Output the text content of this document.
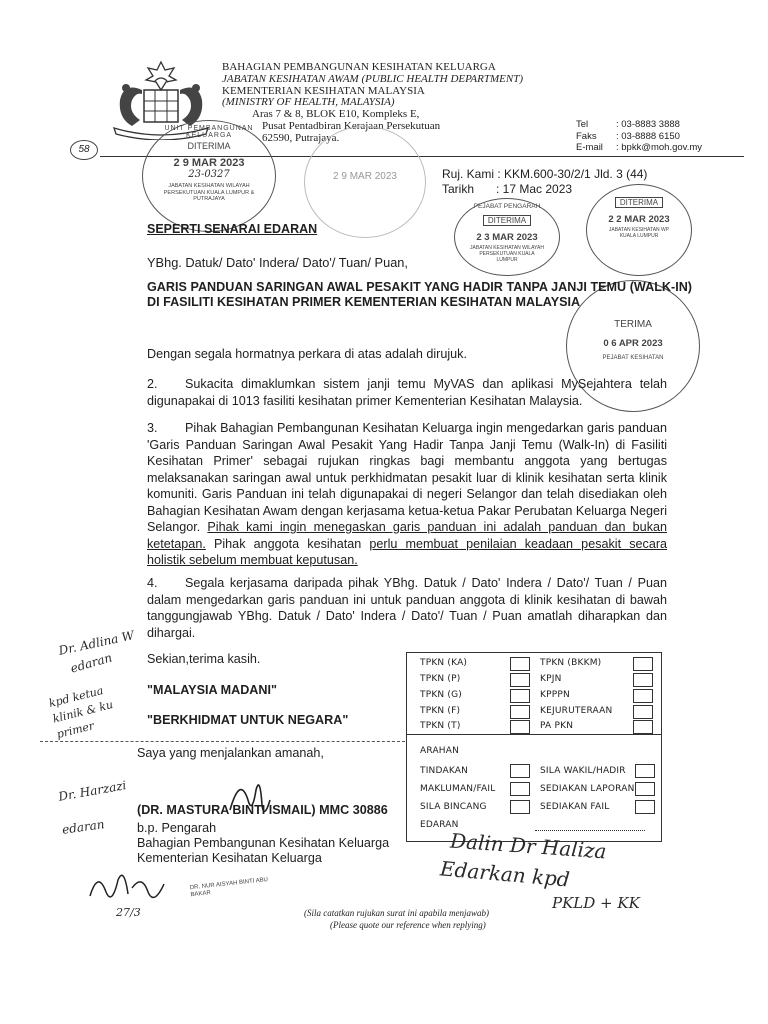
BAHAGIAN PEMBANGUNAN KESIHATAN KELUARGA
JABATAN KESIHATAN AWAM (PUBLIC HEALTH DEPARTMENT)
KEMENTERIAN KESIHATAN MALAYSIA
(MINISTRY OF HEALTH, MALAYSIA)
Aras 7 & 8, BLOK E10, Kompleks E,
Pusat Pentadbiran Kerajaan Persekutuan
62590, Putrajaya.
Tel	: 03-8883 3888
Faks : 03-8888 6150
E-mail : bpkk@moh.gov.my
58
UNIT PEMBANGUNAN KELUARGA
DITERIMA
2 9 MAR 2023
23-0327
JABATAN KESIHATAN WILAYAH PERSEKUTUAN KUALA LUMPUR & PUTRAJAYA
2 9 MAR 2023
PEJABAT PENGARAH
DITERIMA
2 3 MAR 2023
JABATAN KESIHATAN WILAYAH PERSEKUTUAN KUALA LUMPUR
DITERIMA
2 2 MAR 2023
JABATAN KESIHATAN WP KUALA LUMPUR
TERIMA
0 6 APR 2023
PEJABAT KESIHATAN
Ruj. Kami : KKM.600-30/2/1 Jld. 3 (44)
Tarikh : 17 Mac 2023
SEPERTI SENARAI EDARAN
YBhg. Datuk/ Dato' Indera/ Dato'/ Tuan/ Puan,
GARIS PANDUAN SARINGAN AWAL PESAKIT YANG HADIR TANPA JANJI TEMU (WALK-IN) DI FASILITI KESIHATAN PRIMER KEMENTERIAN KESIHATAN MALAYSIA
Dengan segala hormatnya perkara di atas adalah dirujuk.
2. Sukacita dimaklumkan sistem janji temu MyVAS dan aplikasi MySejahtera telah digunapakai di 1013 fasiliti kesihatan primer Kementerian Kesihatan Malaysia.
3. Pihak Bahagian Pembangunan Kesihatan Keluarga ingin mengedarkan garis panduan 'Garis Panduan Saringan Awal Pesakit Yang Hadir Tanpa Janji Temu (Walk-In) di Fasiliti Kesihatan Primer' sebagai rujukan ringkas bagi membantu anggota yang bertugas melaksanakan saringan awal untuk perkhidmatan pesakit luar di klinik kesihatan serta klinik komuniti. Garis Panduan ini telah digunapakai di negeri Selangor dan telah disediakan oleh Bahagian Kesihatan Awam dengan kerjasama ketua-ketua Pakar Perubatan Keluarga Negeri Selangor. Pihak kami ingin menegaskan garis panduan ini adalah panduan dan bukan ketetapan. Pihak anggota kesihatan perlu membuat penilaian keadaan pesakit secara holistik sebelum membuat keputusan.
4. Segala kerjasama daripada pihak YBhg. Datuk / Dato' Indera / Dato'/ Tuan / Puan dalam mengedarkan garis panduan ini untuk panduan anggota di klinik kesihatan di bawah tanggungjawab YBhg. Datuk / Dato' Indera / Dato'/ Tuan / Puan amatlah diharapkan dan dihargai.
Sekian,terima kasih.
"MALAYSIA MADANI"
"BERKHIDMAT UNTUK NEGARA"
Saya yang menjalankan amanah,
(DR. MASTURA BINTI ISMAIL) MMC 30886
b.p. Pengarah
Bahagian Pembangunan Kesihatan Keluarga
Kementerian Kesihatan Keluarga
(Sila catatkan rujukan surat ini apabila menjawab)
(Please quote our reference when replying)
TPKN (KA)
TPKN (P)
TPKN (G)
TPKN (F)
TPKN (T)
TPKN (BKKM)
KPJN
KPPPN
KEJURUTERAAN
PA PKN
ARAHAN
TINDAKAN
MAKLUMAN/FAIL
SILA BINCANG
EDARAN
SILA WAKIL/HADIR
SEDIAKAN LAPORAN
SEDIAKAN FAIL
Dr. Adlina W
edaran
kpd ketua klinik & ku primer
Dr. Harzazi
edaran
Dalin Dr Haliza
Edarkan kpd
PKLD + KK
27/3
DR. NUR AISYAH BINTI ABU BAKAR
